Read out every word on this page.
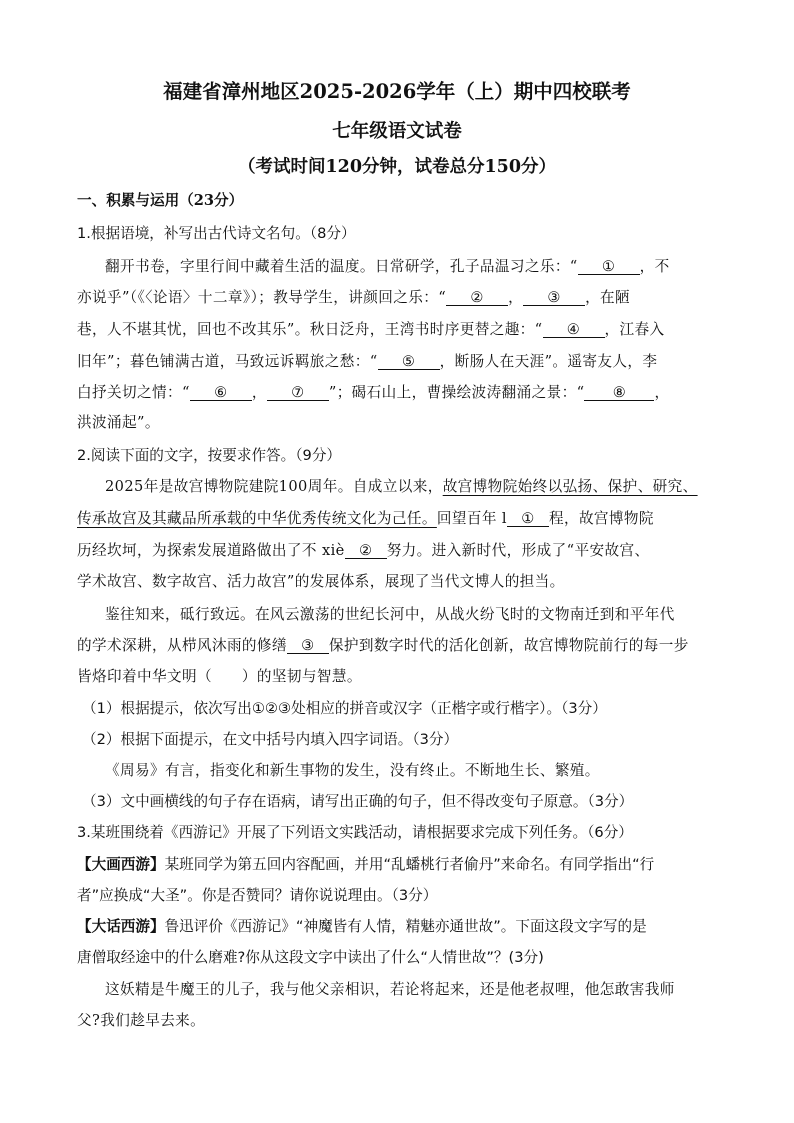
福建省漳州地区2025-2026学年（上）期中四校联考
七年级语文试卷
（考试时间120分钟，试卷总分150分）
一、积累与运用（23分）
1.根据语境，补写出古代诗文名句。（8分）
翻开书卷，字里行间中藏着生活的温度。日常研学，孔子品温习之乐：“ ① ，不
亦说乎”（《〈论语〉十二章》）；教导学生，讲颜回之乐：“ ② ， ③ ，在陋
巷，人不堪其忧，回也不改其乐”。秋日泛舟，王湾书时序更替之趣：“ ④ ，江春入
旧年”；暮色铺满古道，马致远诉羁旅之愁：“ ⑤ ，断肠人在天涯”。遥寄友人，李
白抒关切之情：“ ⑥ ， ⑦ ”；碣石山上，曹操绘波涛翻涌之景：“ ⑧ ，
洪波涌起”。
2.阅读下面的文字，按要求作答。（9分）
2025年是故宫博物院建院100周年。自成立以来，故宫博物院始终以弘扬、保护、研究、
传承故宫及其藏品所承载的中华优秀传统文化为己任。回望百年 l ① 程，故宫博物院
历经坎坷，为探索发展道路做出了不 xiè ② 努力。进入新时代，形成了“平安故宫、
学术故宫、数字故宫、活力故宫”的发展体系，展现了当代文博人的担当。
鉴往知来，砥行致远。在风云激荡的世纪长河中，从战火纷飞时的文物南迁到和平年代
的学术深耕，从栉风沐雨的修缮 ③ 保护到数字时代的活化创新，故宫博物院前行的每一步
皆烙印着中华文明（　　）的坚韧与智慧。
（1）根据提示，依次写出①②③处相应的拼音或汉字（正楷字或行楷字）。（3分）
（2）根据下面提示，在文中括号内填入四字词语。（3分）
《周易》有言，指变化和新生事物的发生，没有终止。不断地生长、繁殖。
（3）文中画横线的句子存在语病，请写出正确的句子，但不得改变句子原意。（3分）
3.某班围绕着《西游记》开展了下列语文实践活动，请根据要求完成下列任务。（6分）
【大画西游】某班同学为第五回内容配画，并用“乱蟠桃行者偷丹”来命名。有同学指出“行
者”应换成“大圣”。你是否赞同？请你说说理由。（3分）
【大话西游】鲁迅评价《西游记》“神魔皆有人情，精魅亦通世故”。下面这段文字写的是
唐僧取经途中的什么磨难?你从这段文字中读出了什么“人情世故”？(3分)
这妖精是牛魔王的儿子，我与他父亲相识，若论将起来，还是他老叔哩，他怎敢害我师
父?我们趁早去来。
